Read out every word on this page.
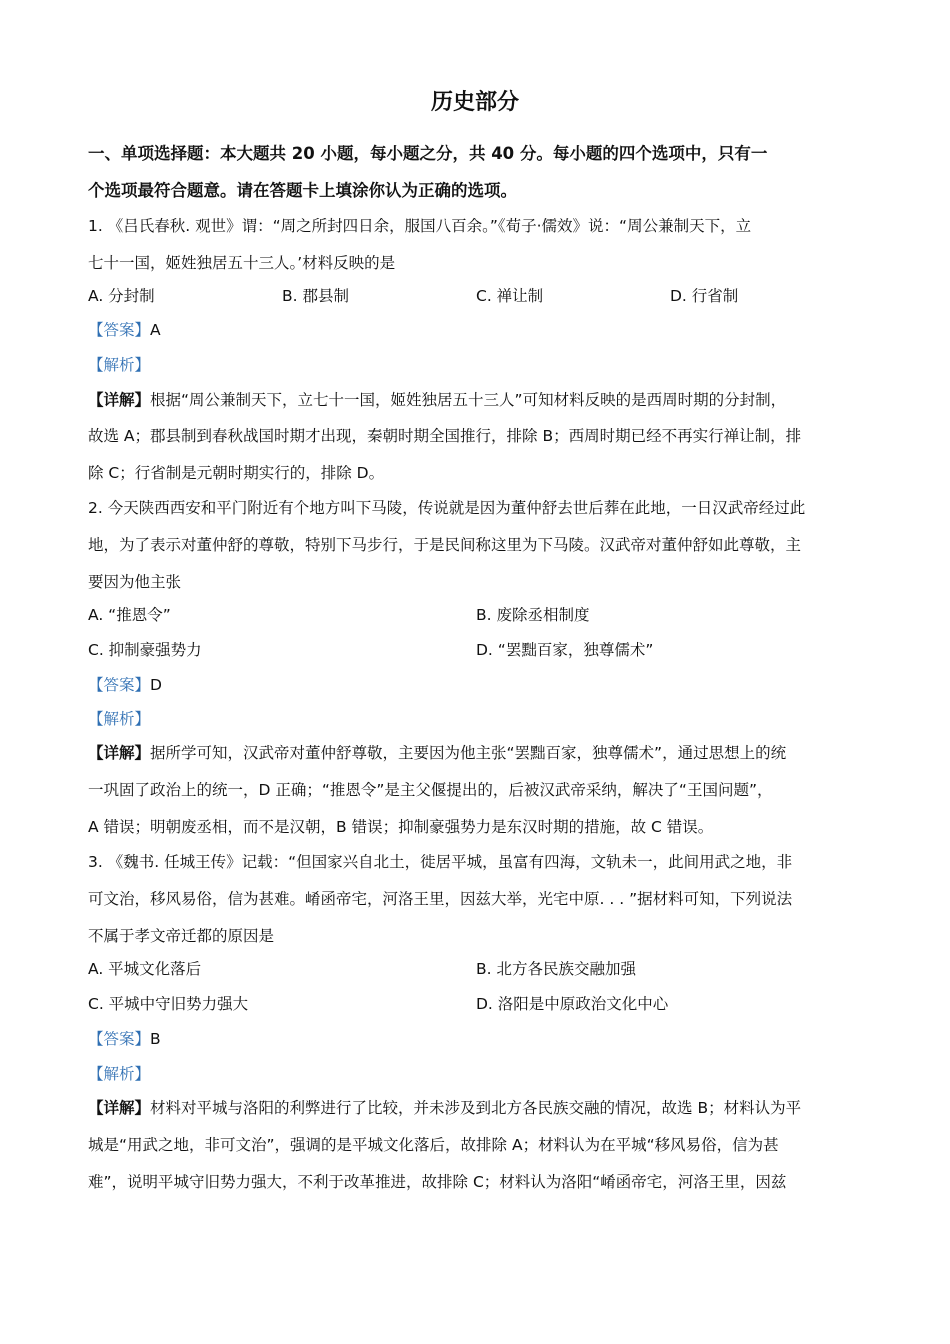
历史部分
一、单项选择题：本大题共 20 小题，每小题之分，共 40 分。每小题的四个选项中，只有一
个选项最符合题意。请在答题卡上填涂你认为正确的选项。
1. 《吕氏春秋. 观世》谓：“周之所封四日余，服国八百余。”《荀子·儒效》说：“周公兼制天下，立
七十一国，姬姓独居五十三人。’材料反映的是
A. 分封制	B. 郡县制	C. 禅让制	D. 行省制
【答案】A
【解析】
【详解】根据“周公兼制天下，立七十一国，姬姓独居五十三人”可知材料反映的是西周时期的分封制，
故选 A；郡县制到春秋战国时期才出现，秦朝时期全国推行，排除 B；西周时期已经不再实行禅让制，排
除 C；行省制是元朝时期实行的，排除 D。
2. 今天陕西西安和平门附近有个地方叫下马陵，传说就是因为董仲舒去世后葬在此地，一日汉武帝经过此
地，为了表示对董仲舒的尊敬，特别下马步行，于是民间称这里为下马陵。汉武帝对董仲舒如此尊敬，主
要因为他主张
A. “推恩令”	B. 废除丞相制度
C. 抑制豪强势力	D. “罢黜百家，独尊儒术”
【答案】D
【解析】
【详解】据所学可知，汉武帝对董仲舒尊敬，主要因为他主张“罢黜百家，独尊儒术”，通过思想上的统
一巩固了政治上的统一，D 正确；“推恩令”是主父偃提出的，后被汉武帝采纳，解决了“王国问题”，
A 错误；明朝废丞相，而不是汉朝，B 错误；抑制豪强势力是东汉时期的措施，故 C 错误。
3. 《魏书. 任城王传》记载：“但国家兴自北土，徙居平城，虽富有四海，文轨未一，此间用武之地，非
可文治，移风易俗，信为甚难。崤函帝宅，河洛王里，因兹大举，光宅中原. . . ”据材料可知，下列说法
不属于孝文帝迁都的原因是
A. 平城文化落后	B. 北方各民族交融加强
C. 平城中守旧势力强大	D. 洛阳是中原政治文化中心
【答案】B
【解析】
【详解】材料对平城与洛阳的利弊进行了比较，并未涉及到北方各民族交融的情况，故选 B；材料认为平
城是“用武之地，非可文治”，强调的是平城文化落后，故排除 A；材料认为在平城“移风易俗，信为甚
难”，说明平城守旧势力强大，不利于改革推进，故排除 C；材料认为洛阳“崤函帝宅，河洛王里，因兹
